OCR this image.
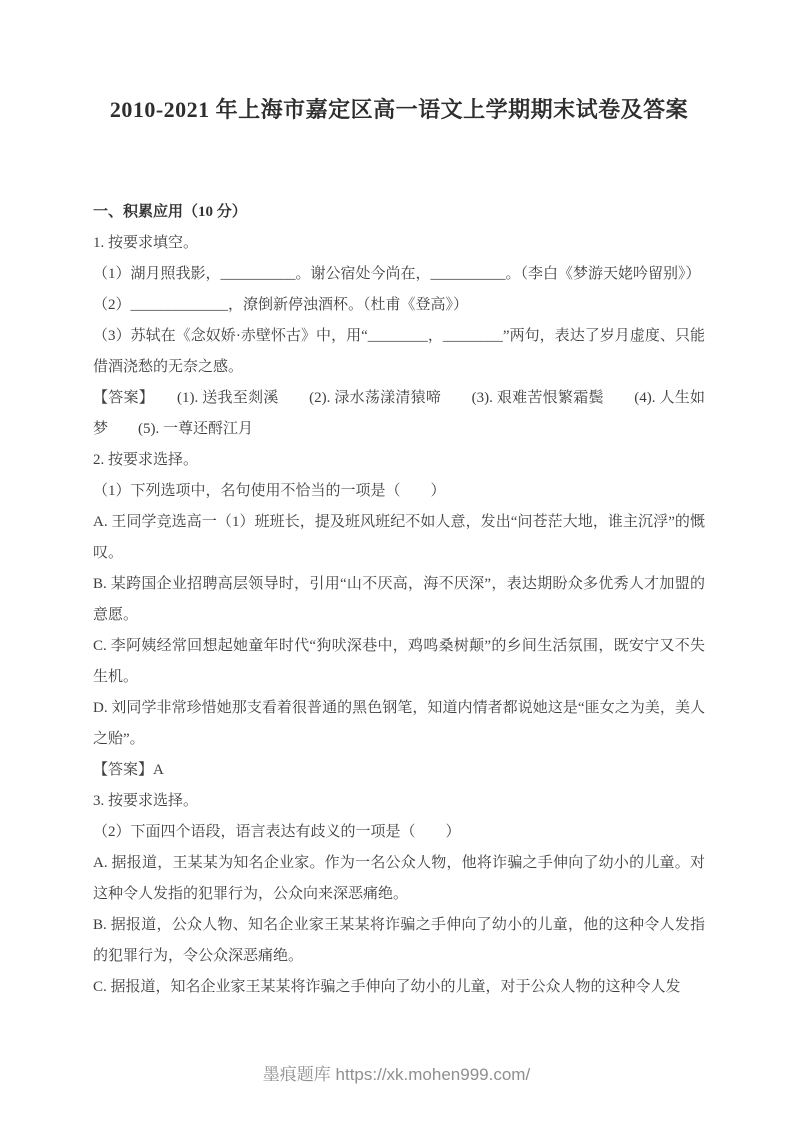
2010-2021 年上海市嘉定区高一语文上学期期末试卷及答案

一、积累应用（10 分）

1. 按要求填空。

（1）湖月照我影，__________。谢公宿处今尚在，__________。（李白《梦游天姥吟留别》）

（2）_____________，潦倒新停浊酒杯。（杜甫《登高》）

（3）苏轼在《念奴娇·赤壁怀古》中，用“________，________”两句，表达了岁月虚度、只能借酒浇愁的无奈之感。

【答案】　　(1). 送我至剡溪　　(2). 渌水荡漾清猿啼　　(3). 艰难苦恨繁霜鬓　　(4). 人生如梦　　(5). 一尊还酹江月

2. 按要求选择。

（1）下列选项中，名句使用不恰当的一项是（　　）

A. 王同学竞选高一（1）班班长，提及班风班纪不如人意，发出“问苍茫大地，谁主沉浮”的慨叹。

B. 某跨国企业招聘高层领导时，引用“山不厌高，海不厌深”，表达期盼众多优秀人才加盟的意愿。

C. 李阿姨经常回想起她童年时代“狗吠深巷中，鸡鸣桑树颠”的乡间生活氛围，既安宁又不失生机。

D. 刘同学非常珍惜她那支看着很普通的黑色钢笔，知道内情者都说她这是“匪女之为美，美人之贻”。

【答案】A

3. 按要求选择。

（2）下面四个语段，语言表达有歧义的一项是（　　）

A. 据报道，王某某为知名企业家。作为一名公众人物，他将诈骗之手伸向了幼小的儿童。对这种令人发指的犯罪行为，公众向来深恶痛绝。

B. 据报道，公众人物、知名企业家王某某将诈骗之手伸向了幼小的儿童，他的这种令人发指的犯罪行为，令公众深恶痛绝。

C. 据报道，知名企业家王某某将诈骗之手伸向了幼小的儿童，对于公众人物的这种令人发

墨痕题库 https://xk.mohen999.com/
